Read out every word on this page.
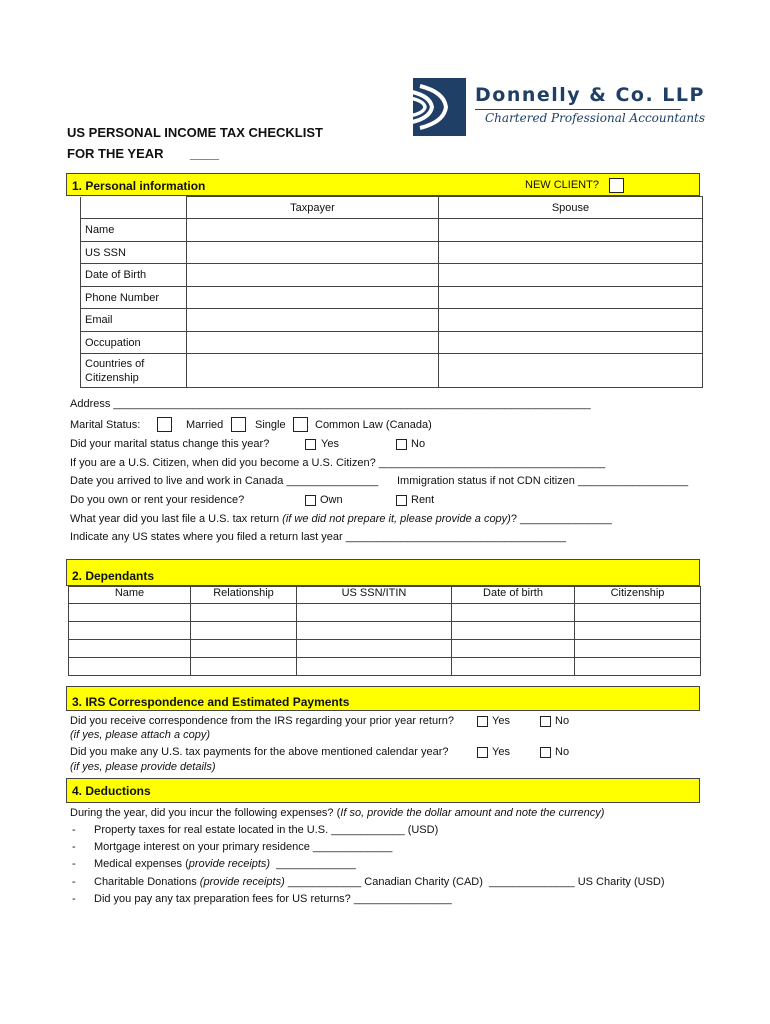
Donnelly & Co. LLP
Chartered Professional Accountants
US PERSONAL INCOME TAX CHECKLIST
FOR THE YEAR ____
1. Personal information	NEW CLIENT?
	Taxpayer	Spouse
Name		
US SSN		
Date of Birth		
Phone Number		
Email		
Occupation		

Countries of
Citizenship		

Address ______________________________________________________________________________
Marital Status:	Married	Single	Common Law (Canada)
Did your marital status change this year?	Yes	No
If you are a U.S. Citizen, when did you become a U.S. Citizen? _____________________________________
Date you arrived to live and work in Canada _______________ Immigration status if not CDN citizen __________________
Do you own or rent your residence?	Own	Rent
What year did you last file a U.S. tax return (if we did not prepare it, please provide a copy)? _______________
Indicate any US states where you filed a return last year ____________________________________
2. Dependants
Name	Relationship	US SSN/ITIN	Date of birth	Citizenship

3. IRS Correspondence and Estimated Payments
Did you receive correspondence from the IRS regarding your prior year return?
(if yes, please attach a copy)
Yes	No
Did you make any U.S. tax payments for the above mentioned calendar year?
(if yes, please provide details)
Yes	No
4. Deductions
During the year, did you incur the following expenses? (If so, provide the dollar amount and note the currency)
- Property taxes for real estate located in the U.S. ____________ (USD)
- Mortgage interest on your primary residence _____________
- Medical expenses (provide receipts)  _____________
- Charitable Donations (provide receipts) ____________ Canadian Charity (CAD)  ______________ US Charity (USD)
- Did you pay any tax preparation fees for US returns? ________________
